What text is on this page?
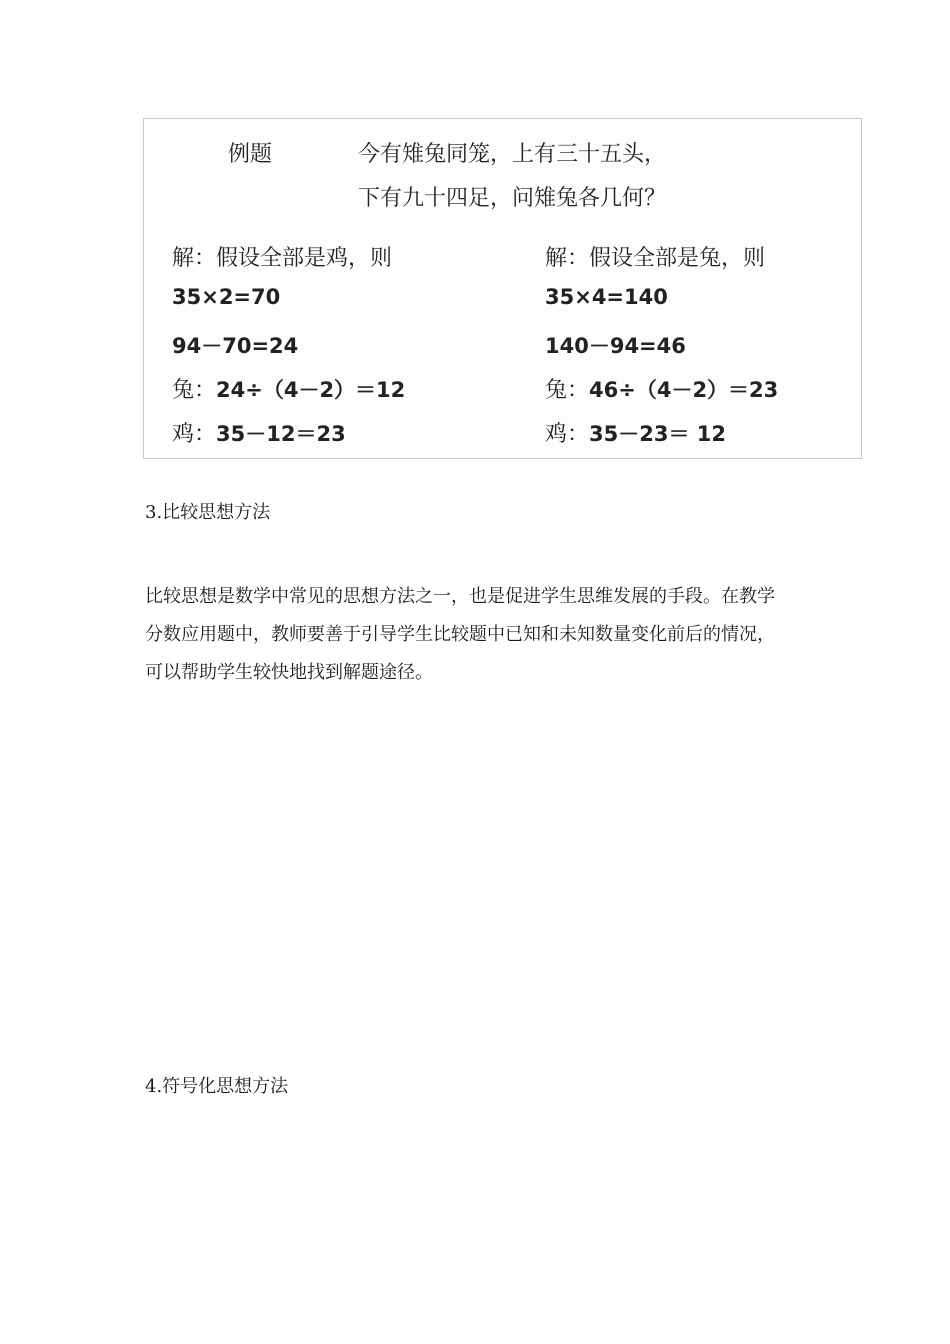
例题	今有雉兔同笼，上有三十五头，
下有九十四足，问雉兔各几何？
解：假设全部是鸡，则
35×2=70
94－70=24
兔：24÷（4－2）＝12
鸡：35－12＝23
解：假设全部是兔，则
35×4=140
140－94=46
兔：46÷（4－2）＝23
鸡：35－23＝ 12
3.比较思想方法
比较思想是数学中常见的思想方法之一，也是促进学生思维发展的手段。在教学
分数应用题中，教师要善于引导学生比较题中已知和未知数量变化前后的情况，
可以帮助学生较快地找到解题途径。
4.符号化思想方法
